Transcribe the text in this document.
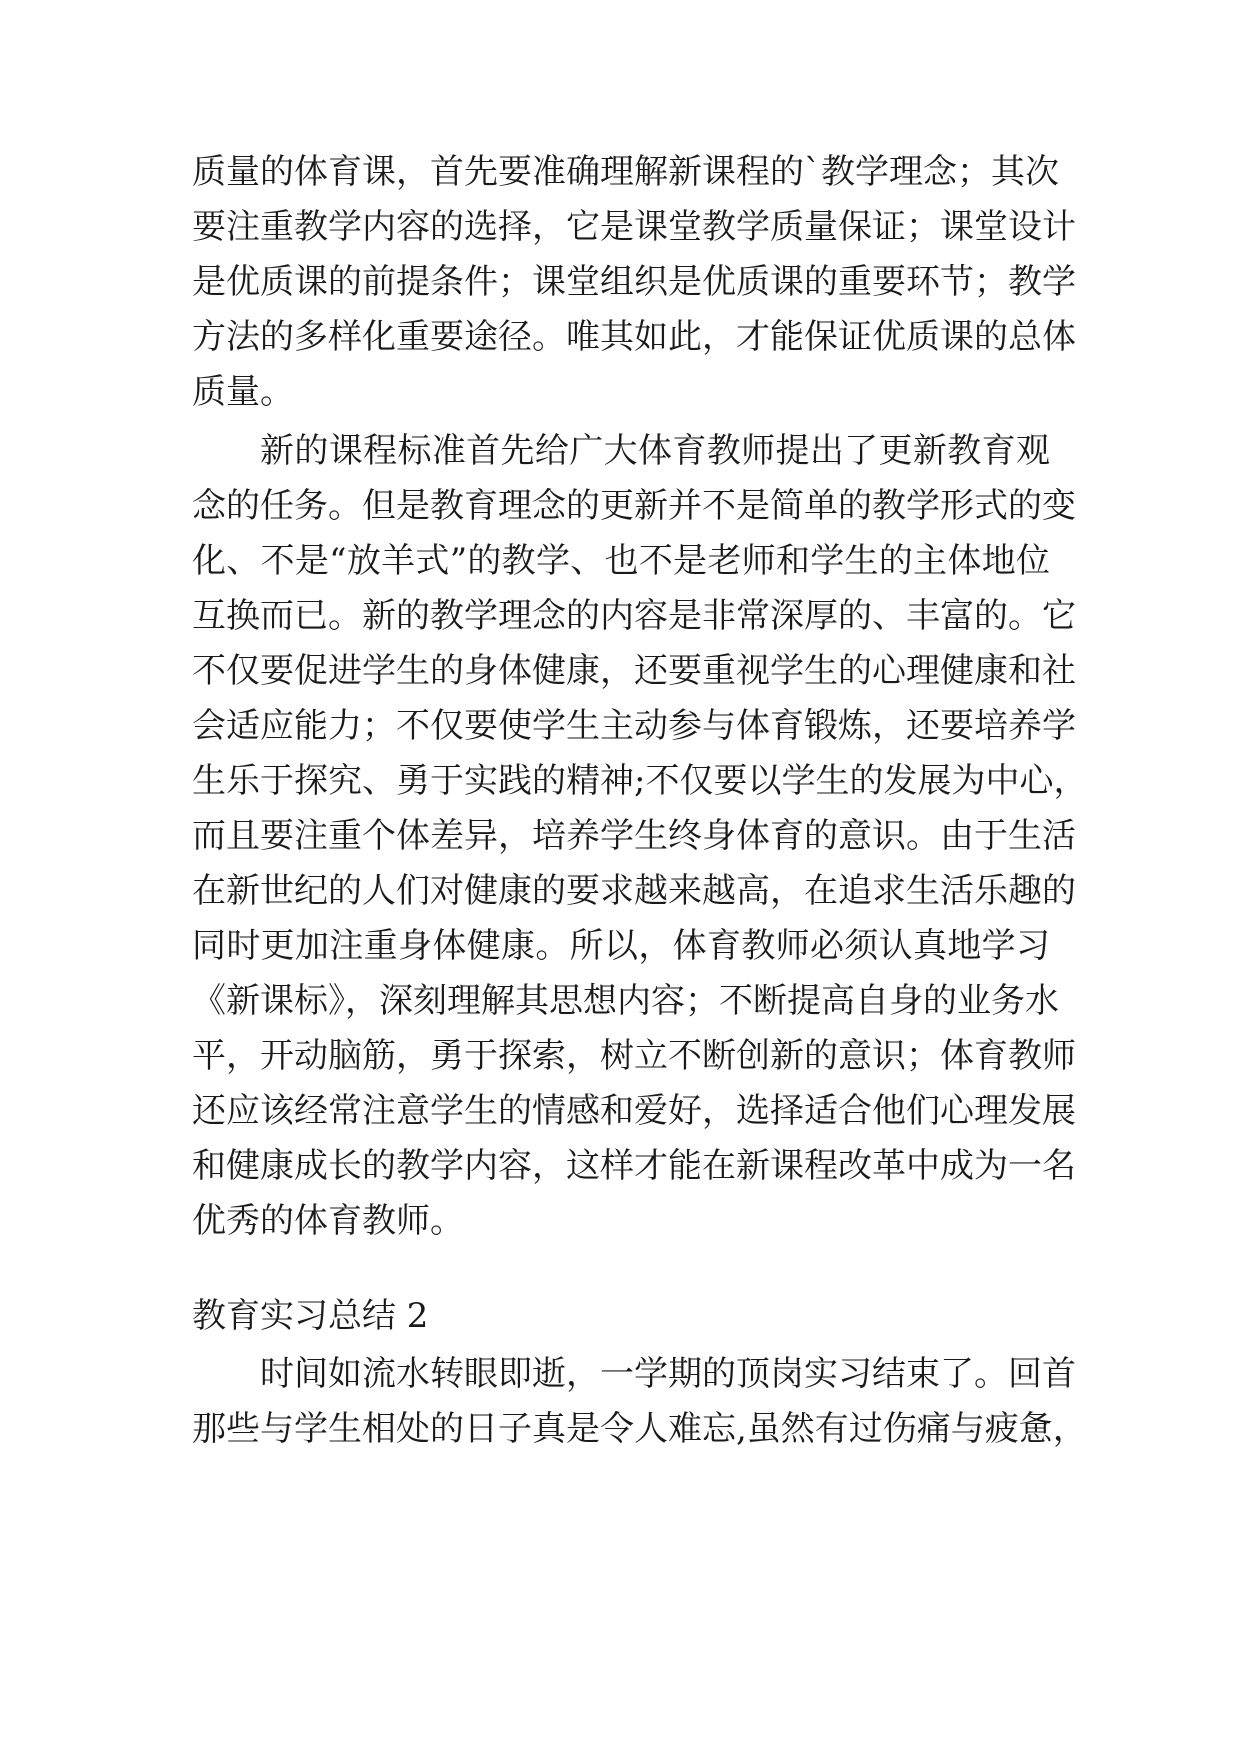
质量的体育课，首先要准确理解新课程的`教学理念；其次
要注重教学内容的选择，它是课堂教学质量保证；课堂设计
是优质课的前提条件；课堂组织是优质课的重要环节；教学
方法的多样化重要途径。唯其如此，才能保证优质课的总体
质量。
新的课程标准首先给广大体育教师提出了更新教育观
念的任务。但是教育理念的更新并不是简单的教学形式的变
化、不是“放羊式”的教学、也不是老师和学生的主体地位
互换而已。新的教学理念的内容是非常深厚的、丰富的。它
不仅要促进学生的身体健康，还要重视学生的心理健康和社
会适应能力；不仅要使学生主动参与体育锻炼，还要培养学
生乐于探究、勇于实践的精神;不仅要以学生的发展为中心，
而且要注重个体差异，培养学生终身体育的意识。由于生活
在新世纪的人们对健康的要求越来越高，在追求生活乐趣的
同时更加注重身体健康。所以，体育教师必须认真地学习
《新课标》，深刻理解其思想内容；不断提高自身的业务水
平，开动脑筋，勇于探索，树立不断创新的意识；体育教师
还应该经常注意学生的情感和爱好，选择适合他们心理发展
和健康成长的教学内容，这样才能在新课程改革中成为一名
优秀的体育教师。
教育实习总结 2
时间如流水转眼即逝，一学期的顶岗实习结束了。回首
那些与学生相处的日子真是令人难忘,虽然有过伤痛与疲惫，
